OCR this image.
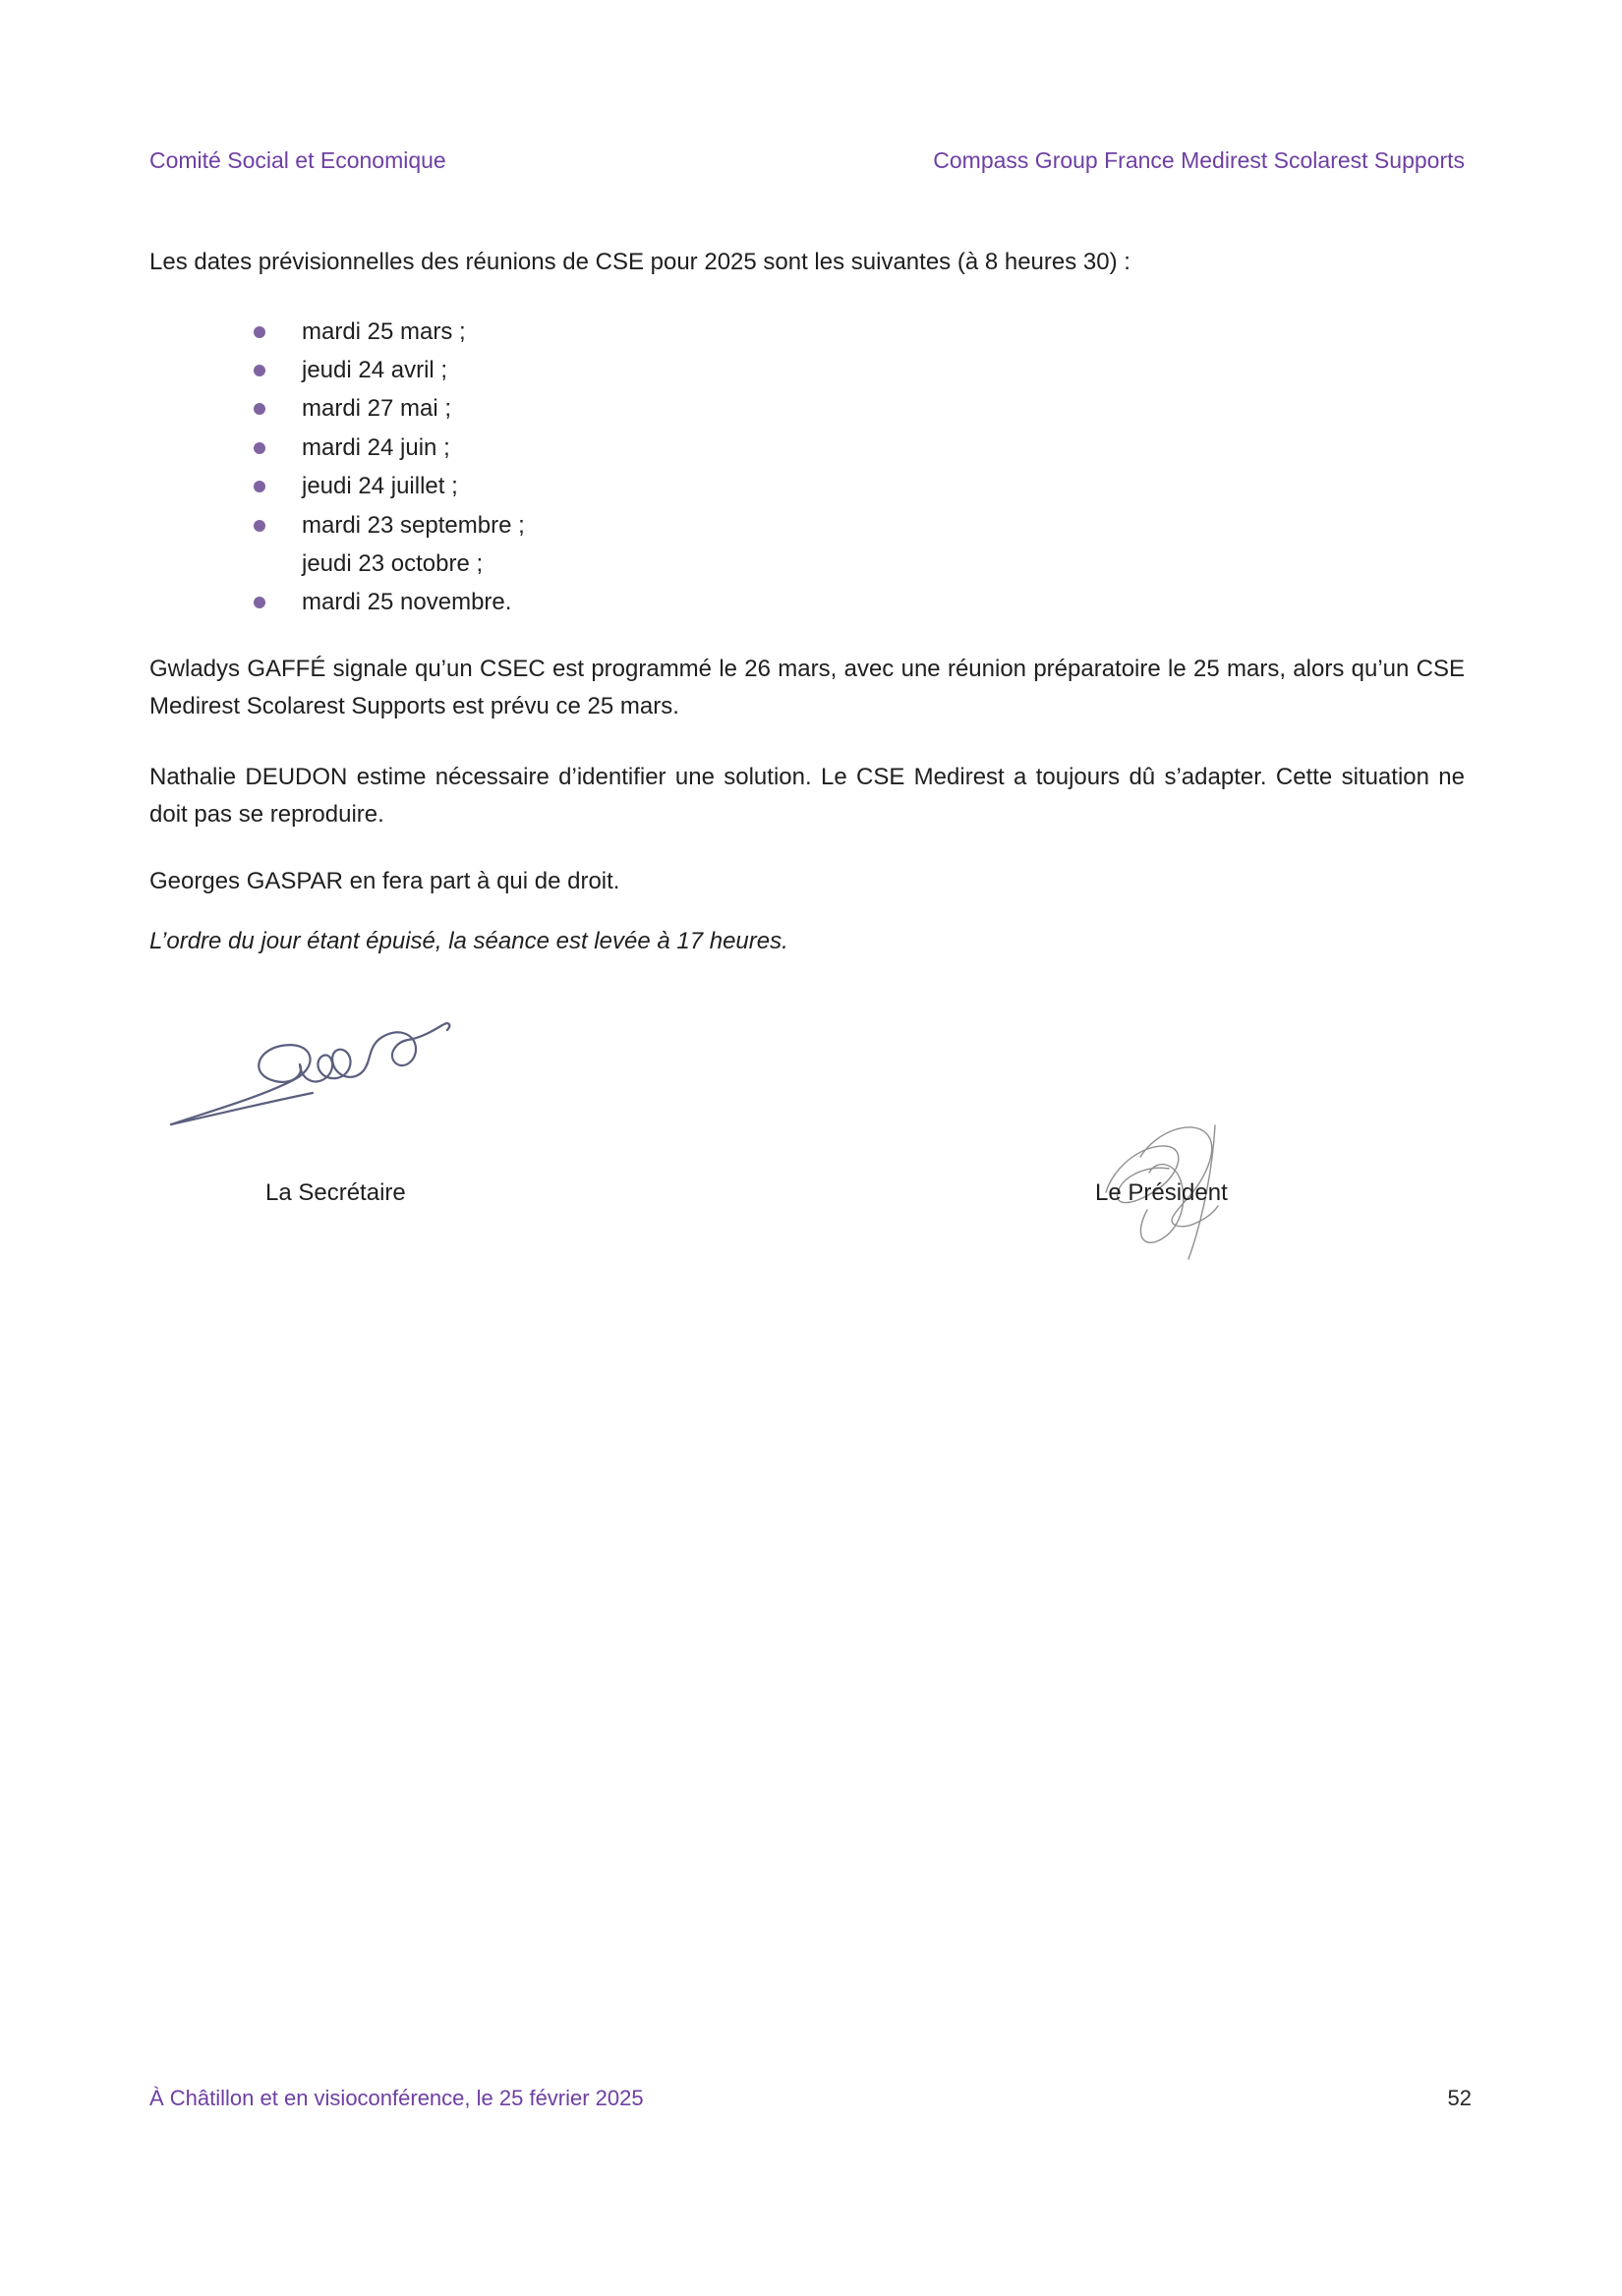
Comité Social et Economique	Compass Group France Medirest Scolarest Supports
Les dates prévisionnelles des réunions de CSE pour 2025 sont les suivantes (à 8 heures 30) :
mardi 25 mars ;
jeudi 24 avril ;
mardi 27 mai ;
mardi 24 juin ;
jeudi 24 juillet ;
mardi 23 septembre ;
jeudi 23 octobre ;
mardi 25 novembre.
Gwladys GAFFÉ signale qu’un CSEC est programmé le 26 mars, avec une réunion préparatoire le 25 mars, alors qu’un CSE Medirest Scolarest Supports est prévu ce 25 mars.
Nathalie DEUDON estime nécessaire d’identifier une solution. Le CSE Medirest a toujours dû s’adapter. Cette situation ne doit pas se reproduire.
Georges GASPAR en fera part à qui de droit.
L’ordre du jour étant épuisé, la séance est levée à 17 heures.
La Secrétaire	Le Président
À Châtillon et en visioconférence, le 25 février 2025	52
